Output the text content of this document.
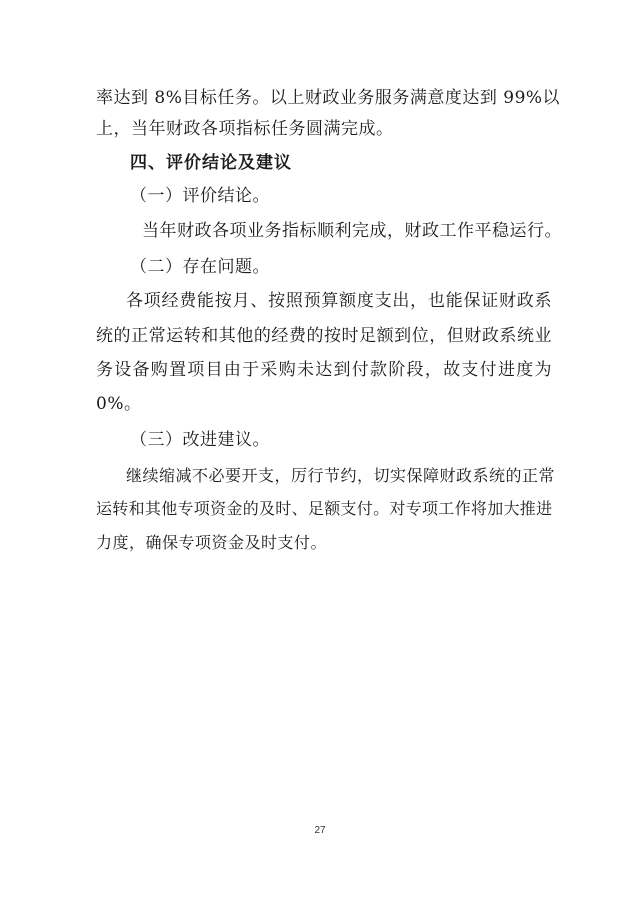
率达到 8%目标任务。以上财政业务服务满意度达到 99%以
上，当年财政各项指标任务圆满完成。
四、评价结论及建议
（一）评价结论。
当年财政各项业务指标顺利完成，财政工作平稳运行。
（二）存在问题。
各项经费能按月、按照预算额度支出，也能保证财政系
统的正常运转和其他的经费的按时足额到位，但财政系统业
务设备购置项目由于采购未达到付款阶段，故支付进度为
0%。
（三）改进建议。
继续缩减不必要开支，厉行节约，切实保障财政系统的正常
运转和其他专项资金的及时、足额支付。对专项工作将加大推进
力度，确保专项资金及时支付。
27
